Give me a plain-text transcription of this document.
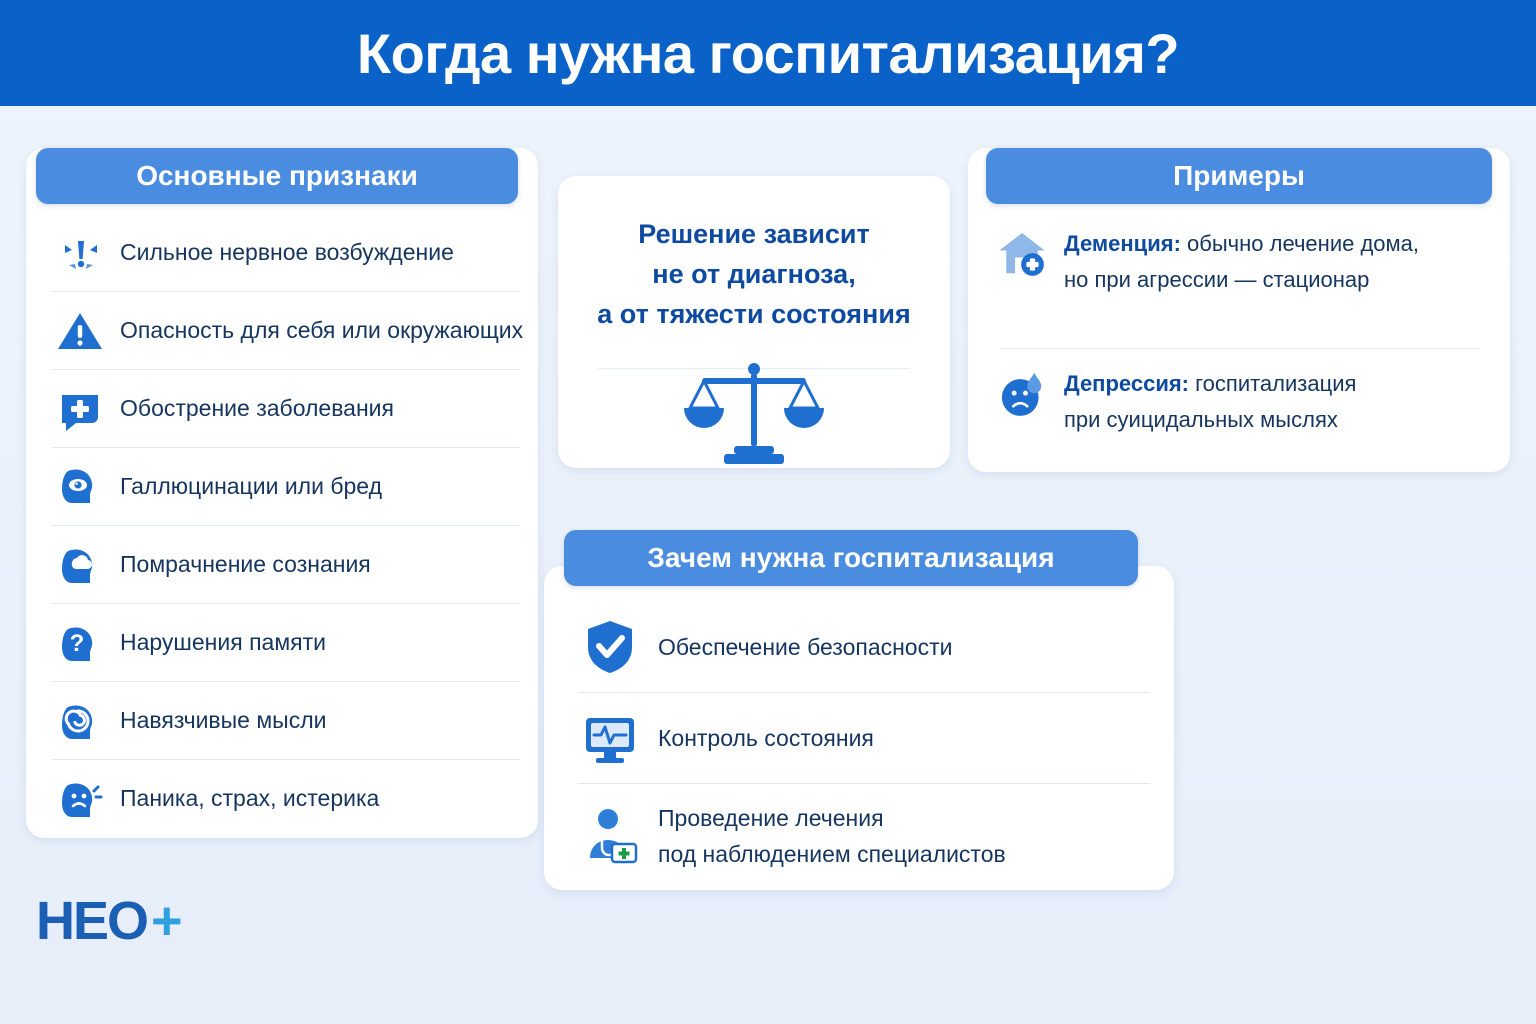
Когда нужна госпитализация?
Основные признаки
Сильное нервное возбуждение
Опасность для себя или окружающих
Обострение заболевания
Галлюцинации или бред
Помрачнение сознания
? Нарушения памяти
Навязчивые мысли
Паника, страх, истерика
Решение зависит
не от диагноза,
а от тяжести состояния
Примеры
Деменция: обычно лечение дома,
но при агрессии — стационар
Депрессия: госпитализация
при суицидальных мыслях
Зачем нужна госпитализация
Обеспечение безопасности
Контроль состояния
Проведение лечения
под наблюдением специалистов
HEO +
